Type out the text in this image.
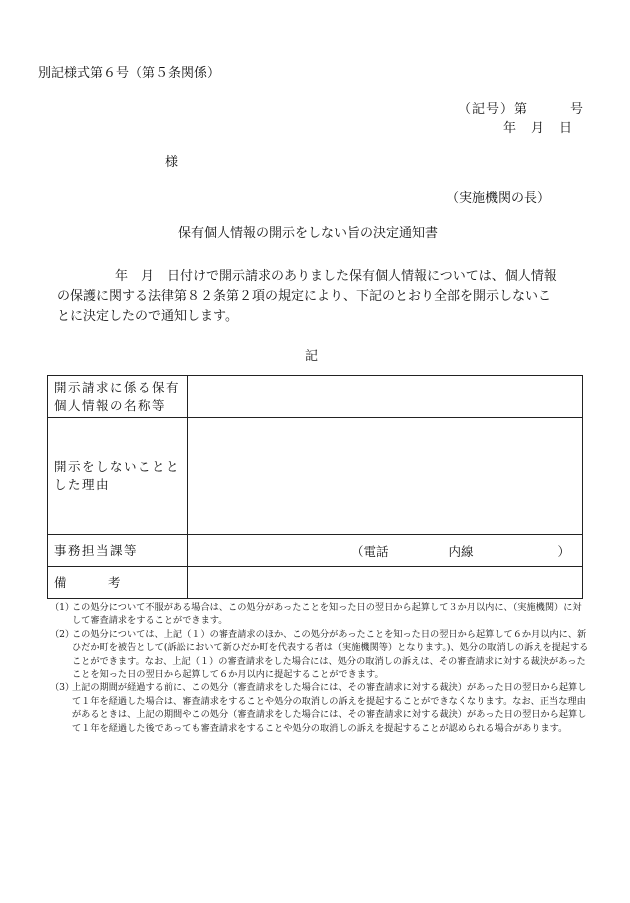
別記様式第６号（第５条関係）
（記号）第　　　号
年　月　日
様
（実施機関の長）
保有個人情報の開示をしない旨の決定通知書
年　月　日付けで開示請求のありました保有個人情報については、個人情報
の保護に関する法律第８２条第２項の規定により、下記のとおり全部を開示しないこ
とに決定したので通知します。
記
開示請求に係る保有
個人情報の名称等	

開示をしないことと
した理由	

事務担当課等	（電話 内線 ）

備 考	
（1）
この処分について不服がある場合は、この処分があったことを知った日の翌日から起算して３か月以内に、（実施機関）に対して審査請求をすることができます。
（2）
この処分については、上記（１）の審査請求のほか、この処分があったことを知った日の翌日から起算して６か月以内に、新ひだか町を被告として(訴訟において新ひだか町を代表する者は（実施機関等）となります。)、処分の取消しの訴えを提起することができます。なお、上記（１）の審査請求をした場合には、処分の取消しの訴えは、その審査請求に対する裁決があったことを知った日の翌日から起算して６か月以内に提起することができます。
（3）
上記の期間が経過する前に、この処分（審査請求をした場合には、その審査請求に対する裁決）があった日の翌日から起算して１年を経過した場合は、審査請求をすることや処分の取消しの訴えを提起することができなくなります。なお、正当な理由があるときは、上記の期間やこの処分（審査請求をした場合には、その審査請求に対する裁決）があった日の翌日から起算して１年を経過した後であっても審査請求をすることや処分の取消しの訴えを提起することが認められる場合があります。
